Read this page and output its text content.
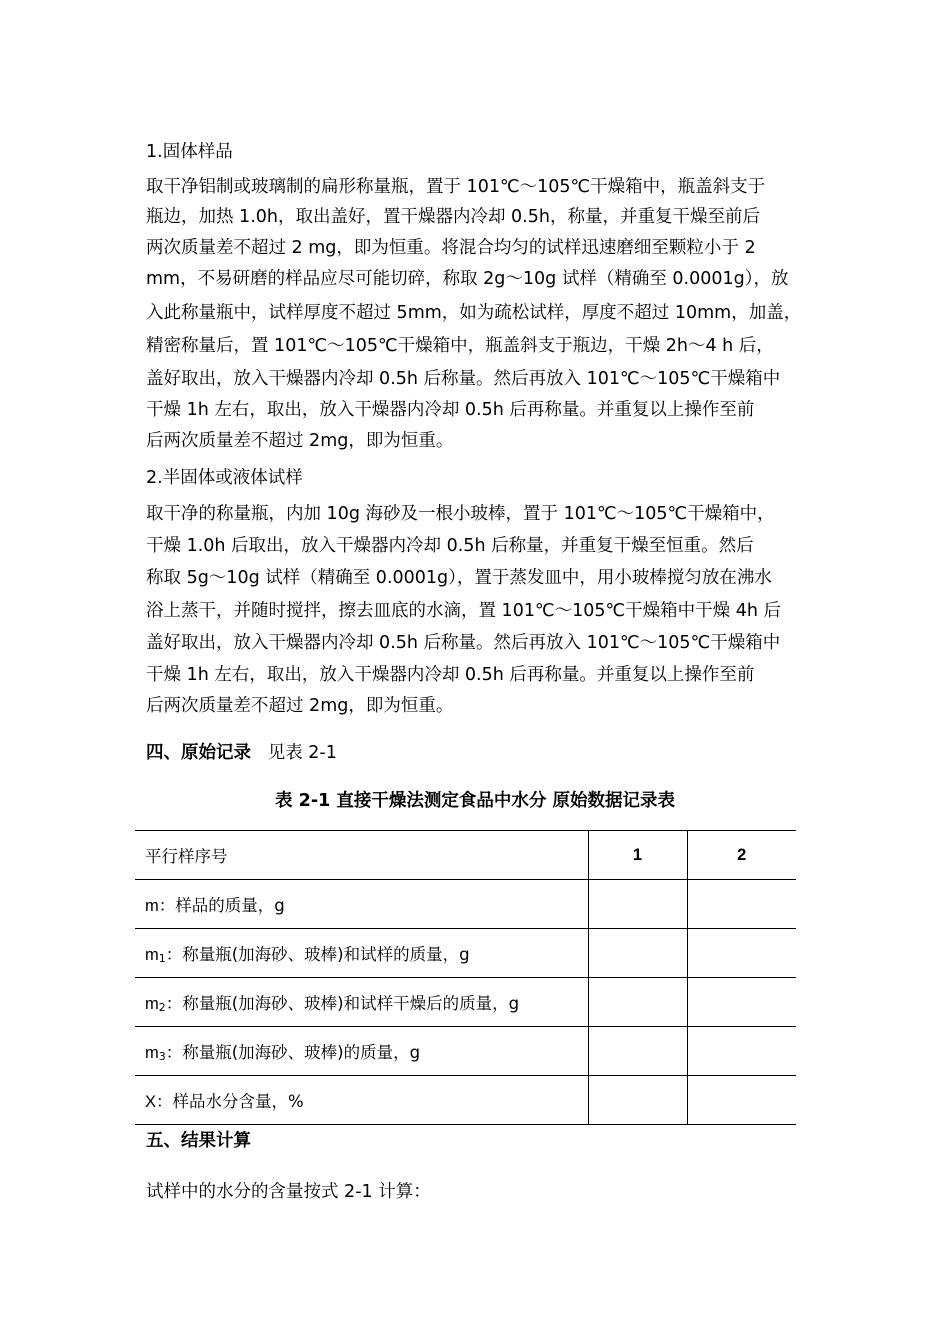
1.固体样品
取干净铝制或玻璃制的扁形称量瓶，置于 101℃～105℃干燥箱中，瓶盖斜支于
瓶边，加热 1.0h，取出盖好，置干燥器内冷却 0.5h，称量，并重复干燥至前后
两次质量差不超过 2 mg，即为恒重。将混合均匀的试样迅速磨细至颗粒小于 2
mm，不易研磨的样品应尽可能切碎，称取 2g～10g 试样（精确至 0.0001g），放
入此称量瓶中，试样厚度不超过 5mm，如为疏松试样，厚度不超过 10mm，加盖，
精密称量后，置 101℃～105℃干燥箱中，瓶盖斜支于瓶边，干燥 2h～4 h 后，
盖好取出，放入干燥器内冷却 0.5h 后称量。然后再放入 101℃～105℃干燥箱中
干燥 1h 左右，取出，放入干燥器内冷却 0.5h 后再称量。并重复以上操作至前
后两次质量差不超过 2mg，即为恒重。
2.半固体或液体试样
取干净的称量瓶，内加 10g 海砂及一根小玻棒，置于 101℃～105℃干燥箱中，
干燥 1.0h 后取出，放入干燥器内冷却 0.5h 后称量，并重复干燥至恒重。然后
称取 5g～10g 试样（精确至 0.0001g），置于蒸发皿中，用小玻棒搅匀放在沸水
浴上蒸干，并随时搅拌，擦去皿底的水滴，置 101℃～105℃干燥箱中干燥 4h 后
盖好取出，放入干燥器内冷却 0.5h 后称量。然后再放入 101℃～105℃干燥箱中
干燥 1h 左右，取出，放入干燥器内冷却 0.5h 后再称量。并重复以上操作至前
后两次质量差不超过 2mg，即为恒重。
四、原始记录 见表 2-1
表 2-1 直接干燥法测定食品中水分 原始数据记录表
平行样序号	1	2
m：样品的质量，g		
$m_1$：称量瓶(加海砂、玻棒)和试样的质量，g		
$m_2$：称量瓶(加海砂、玻棒)和试样干燥后的质量，g		
$m_3$：称量瓶(加海砂、玻棒)的质量，g		
X：样品水分含量，%		
五、结果计算
试样中的水分的含量按式 2-1 计算：
